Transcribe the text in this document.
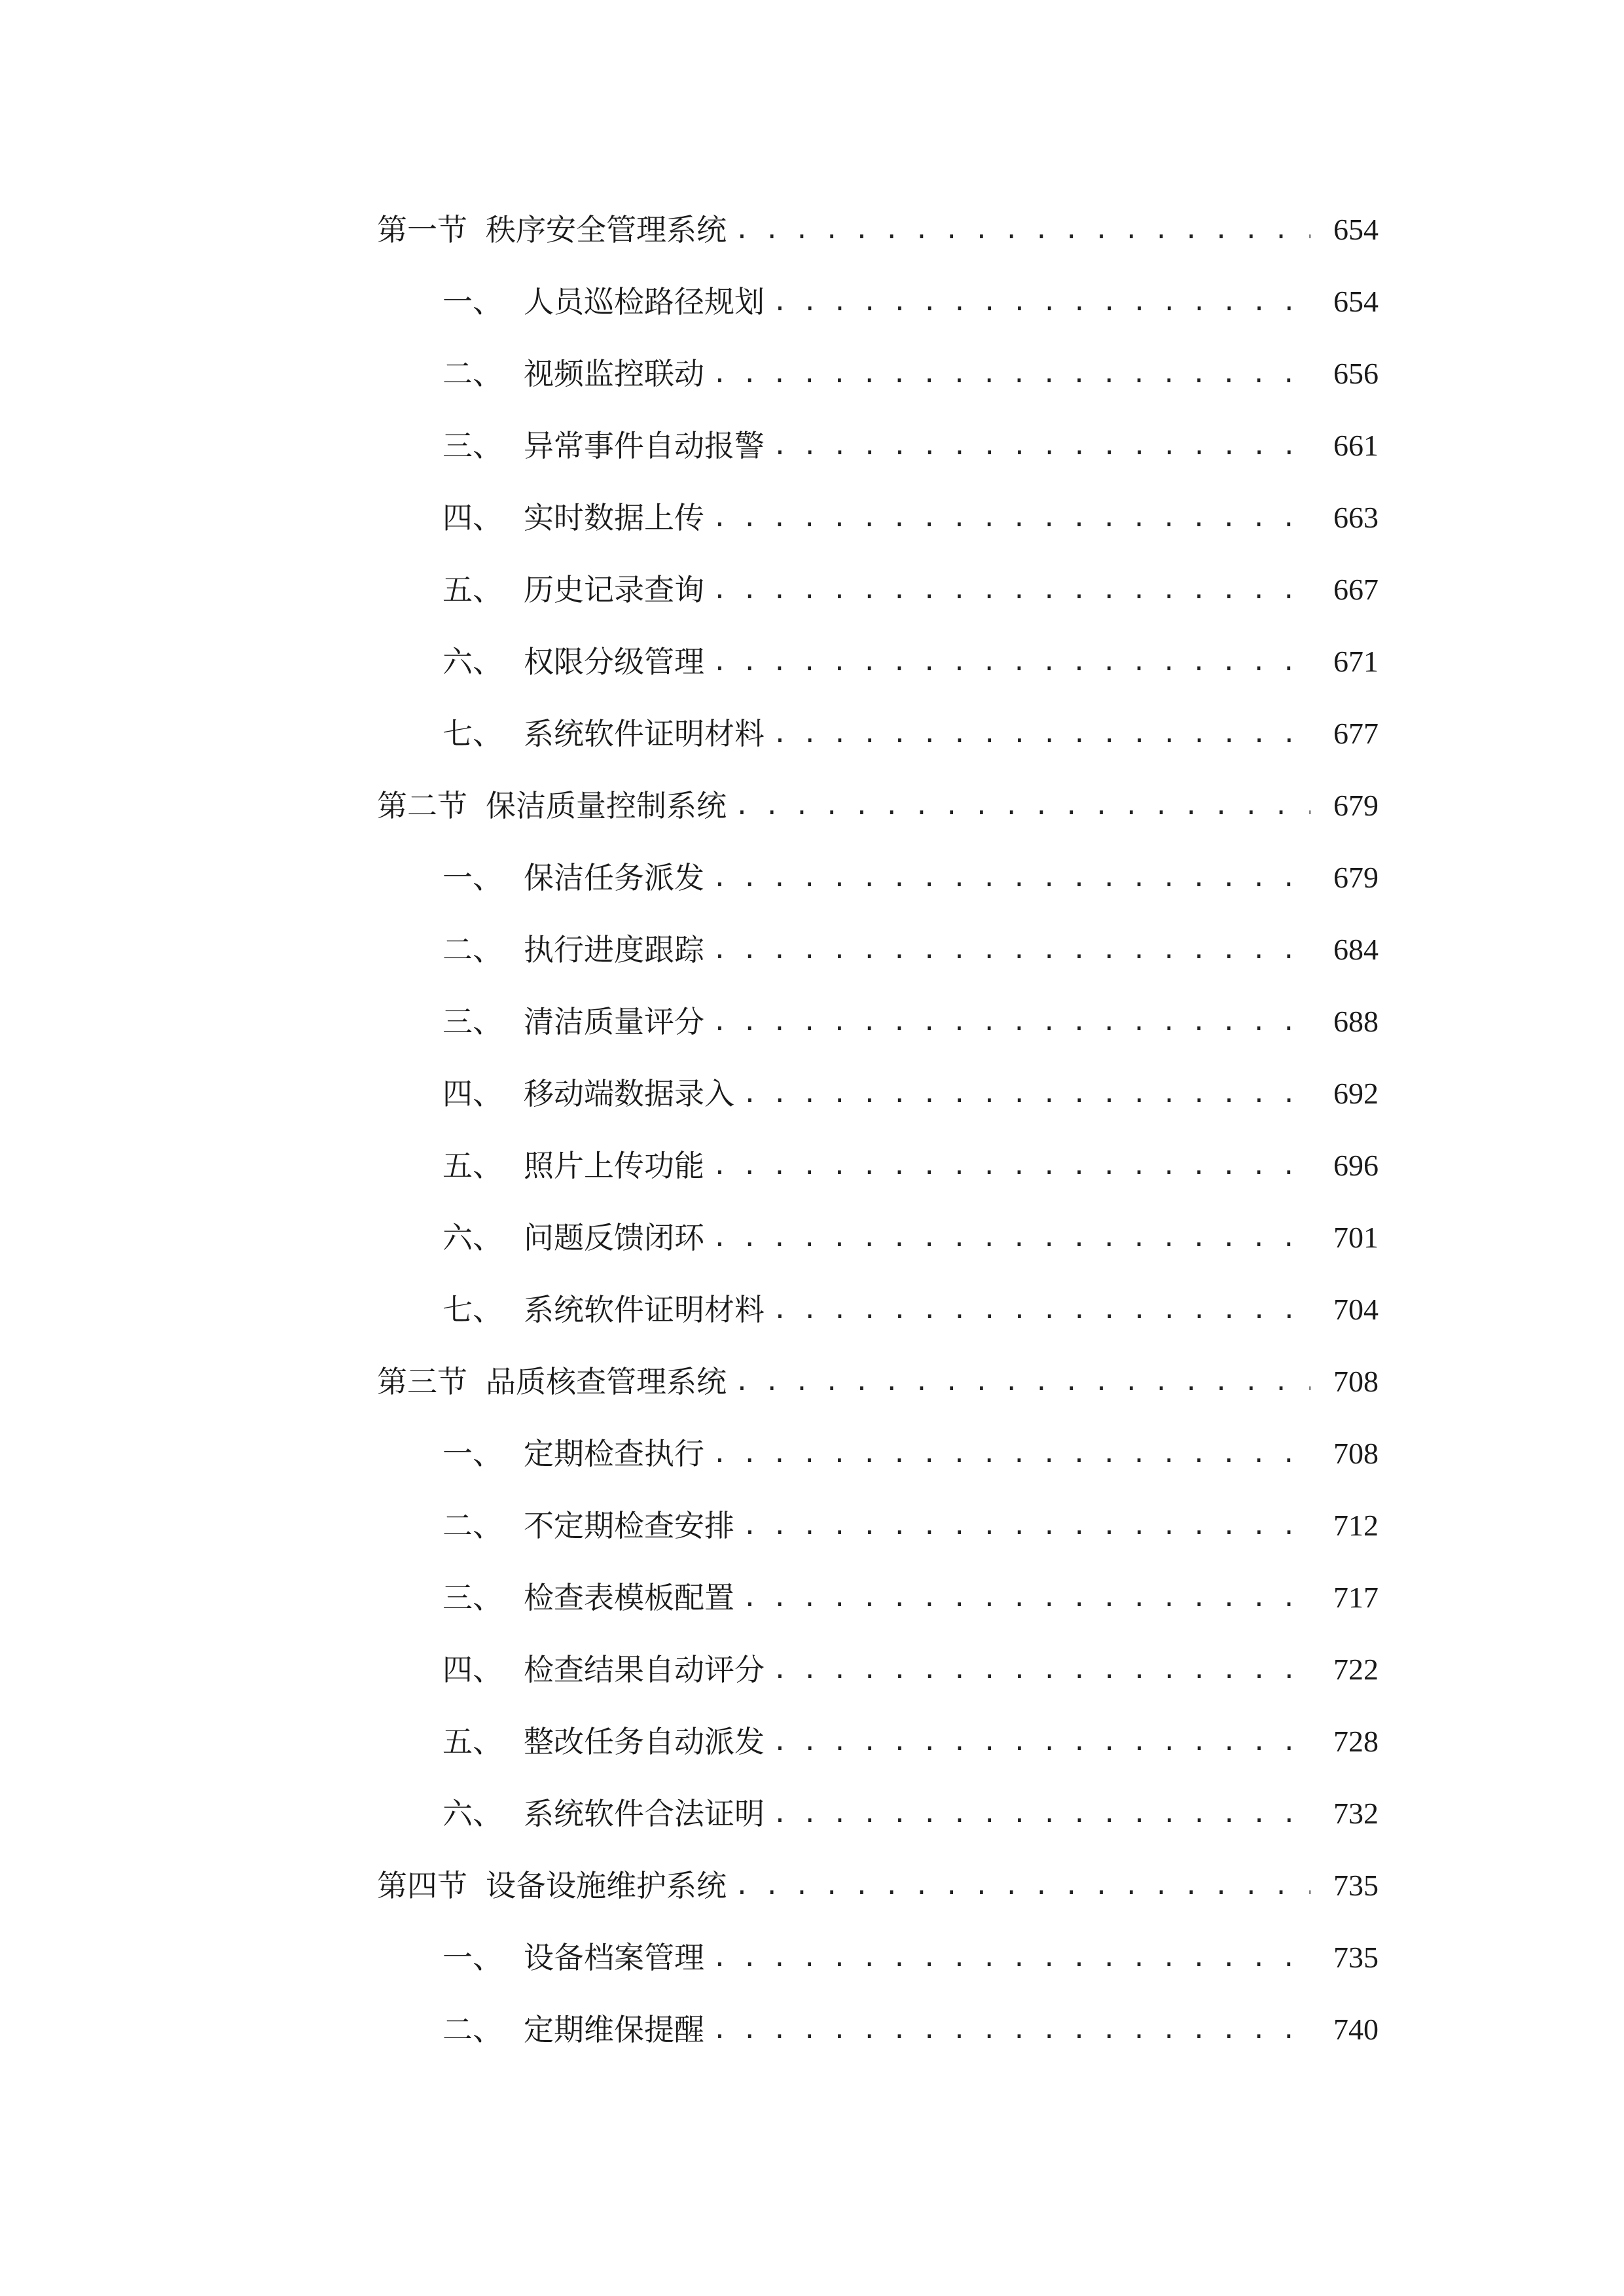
第一节 秩序安全管理系统 . . .	654
一、 人员巡检路径规划 . . .	654
二、 视频监控联动 . . .	656
三、 异常事件自动报警 . . .	661
四、 实时数据上传 . . .	663
五、 历史记录查询 . . .	667
六、 权限分级管理 . . .	671
七、 系统软件证明材料 . . .	677
第二节 保洁质量控制系统 . . .	679
一、 保洁任务派发 . . .	679
二、 执行进度跟踪 . . .	684
三、 清洁质量评分 . . .	688
四、 移动端数据录入 . . .	692
五、 照片上传功能 . . .	696
六、 问题反馈闭环 . . .	701
七、 系统软件证明材料 . . .	704
第三节 品质核查管理系统 . . .	708
一、 定期检查执行 . . .	708
二、 不定期检查安排 . . .	712
三、 检查表模板配置 . . .	717
四、 检查结果自动评分 . . .	722
五、 整改任务自动派发 . . .	728
六、 系统软件合法证明 . . .	732
第四节 设备设施维护系统 . . .	735
一、 设备档案管理 . . .	735
二、 定期维保提醒 . . .	740
